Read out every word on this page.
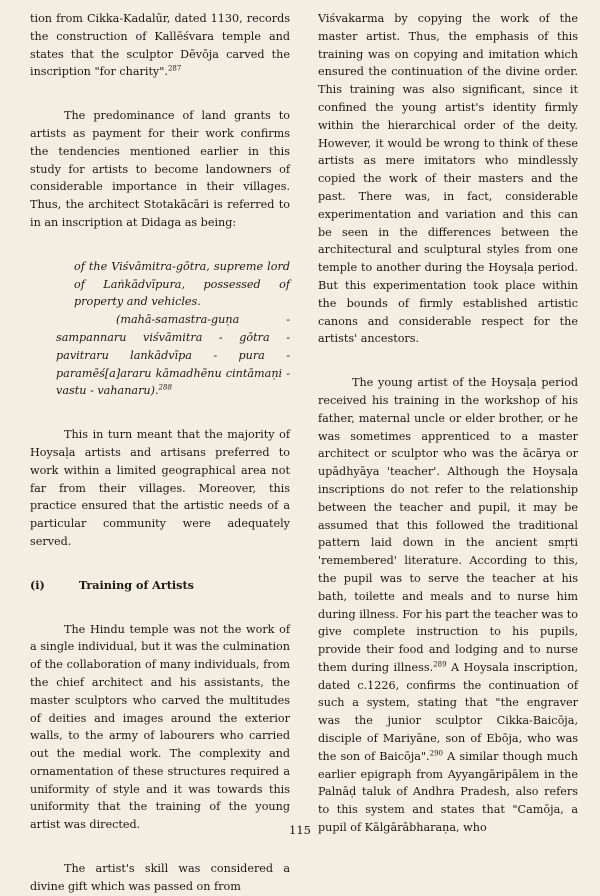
tion from Cikka-Kadalūr, dated 1130, records the construction of Kallēśvara temple and states that the sculptor Dēvōja carved the inscription "for charity".$^{287}$

The predominance of land grants to artists as payment for their work confirms the tendencies mentioned earlier in this study for artists to become landowners of considerable importance in their villages. Thus, the architect Stotakācāri is referred to in an inscription at Didaga as being:

of the Viśvāmitra-gōtra, supreme lord of Laṅkādvīpura, possessed of property and vehicles.

(mahā-samastra-guṇa - sampannaru viśvāmitra - gōtra - pavitraru lankādvīpa - pura - paramēś[a]araru kāmadhēnu cintāmaṇi - vastu - vahanaru).$^{288}$

This in turn meant that the majority of Hoysaḷa artists and artisans preferred to work within a limited geographical area not far from their villages. Moreover, this practice ensured that the artistic needs of a particular community were adequately served.

(i)	Training of Artists

The Hindu temple was not the work of a single individual, but it was the culmination of the collaboration of many individuals, from the chief architect and his assistants, the master sculptors who carved the multitudes of deities and images around the exterior walls, to the army of labourers who carried out the medial work. The complexity and ornamentation of these structures required a uniformity of style and it was towards this uniformity that the training of the young artist was directed.

The artist's skill was considered a divine gift which was passed on from

Viśvakarma by copying the work of the master artist. Thus, the emphasis of this training was on copying and imitation which ensured the continuation of the divine order. This training was also significant, since it confined the young artist's identity firmly within the hierarchical order of the deity. However, it would be wrong to think of these artists as mere imitators who mindlessly copied the work of their masters and the past. There was, in fact, considerable experimentation and variation and this can be seen in the differences between the architectural and sculptural styles from one temple to another during the Hoysaḷa period. But this experimentation took place within the bounds of firmly established artistic canons and considerable respect for the artists' ancestors.

The young artist of the Hoysaḷa period received his training in the workshop of his father, maternal uncle or elder brother, or he was sometimes apprenticed to a master architect or sculptor who was the ācārya or upādhyāya 'teacher'. Although the Hoysaḷa inscriptions do not refer to the relationship between the teacher and pupil, it may be assumed that this followed the traditional pattern laid down in the ancient smṛti 'remembered' literature. According to this, the pupil was to serve the teacher at his bath, toilette and meals and to nurse him during illness. For his part the teacher was to give complete instruction to his pupils, provide their food and lodging and to nurse them during illness.$^{289}$ A Hoysala inscription, dated c.1226, confirms the continuation of such a system, stating that "the engraver was the junior sculptor Cikka-Baicōja, disciple of Mariyāne, son of Ebōja, who was the son of Baicōja".$^{290}$ A similar though much earlier epigraph from Ayyangāripālem in the Palnāḍ taluk of Andhra Pradesh, also refers to this system and states that "Camōja, a pupil of Kālgārābharaṇa, who

115
